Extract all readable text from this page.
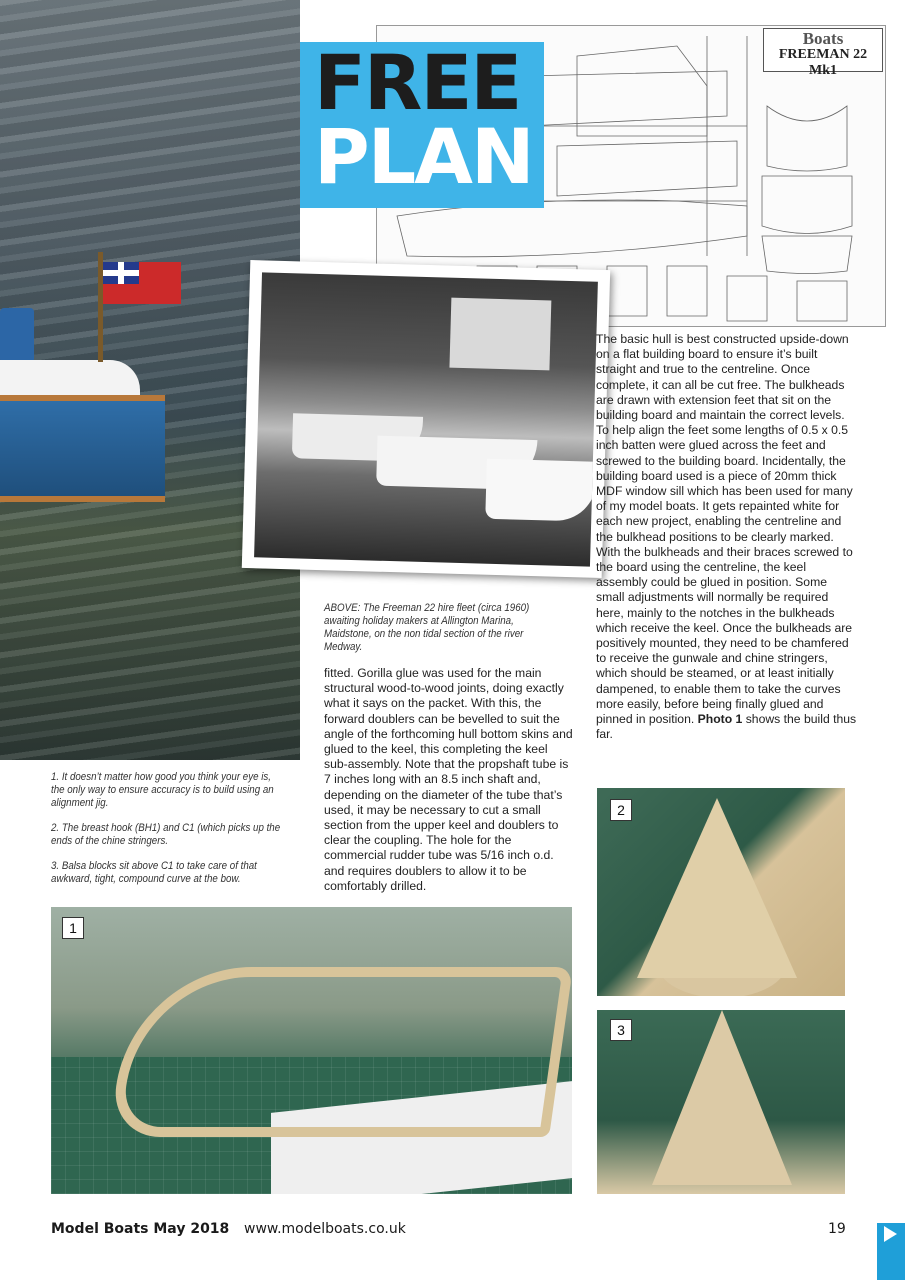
Boats
FREEMAN 22 Mk1
FREE
PLAN
ABOVE: The Freeman 22 hire fleet (circa 1960) awaiting holiday makers at Allington Marina, Maidstone, on the non tidal section of the river Medway.

fitted. Gorilla glue was used for the main structural wood-to-wood joints, doing exactly what it says on the packet. With this, the forward doublers can be bevelled to suit the angle of the forthcoming hull bottom skins and glued to the keel, this completing the keel sub-assembly. Note that the propshaft tube is 7 inches long with an 8.5 inch shaft and, depending on the diameter of the tube that’s used, it may be necessary to cut a small section from the upper keel and doublers to clear the coupling. The hole for the commercial rudder tube was 5/16 inch o.d. and requires doublers to allow it to be comfortably drilled.

The basic hull is best constructed upside-down on a flat building board to ensure it’s built straight and true to the centreline. Once complete, it can all be cut free. The bulkheads are drawn with extension feet that sit on the building board and maintain the correct levels. To help align the feet some lengths of 0.5 x 0.5 inch batten were glued across the feet and screwed to the building board. Incidentally, the building board used is a piece of 20mm thick MDF window sill which has been used for many of my model boats. It gets repainted white for each new project, enabling the centreline and the bulkhead positions to be clearly marked. With the bulkheads and their braces screwed to the board using the centreline, the keel assembly could be glued in position. Some small adjustments will normally be required here, mainly to the notches in the bulkheads which receive the keel. Once the bulkheads are positively mounted, they need to be chamfered to receive the gunwale and chine stringers, which should be steamed, or at least initially dampened, to enable them to take the curves more easily, before being finally glued and pinned in position. Photo 1 shows the build thus far.

1. It doesn’t matter how good you think your eye is, the only way to ensure accuracy is to build using an alignment jig.

2. The breast hook (BH1) and C1 (which picks up the ends of the chine stringers.

3. Balsa blocks sit above C1 to take care of that awkward, tight, compound curve at the bow.

1
2
3
Model Boats May 2018 www.modelboats.co.uk	19
